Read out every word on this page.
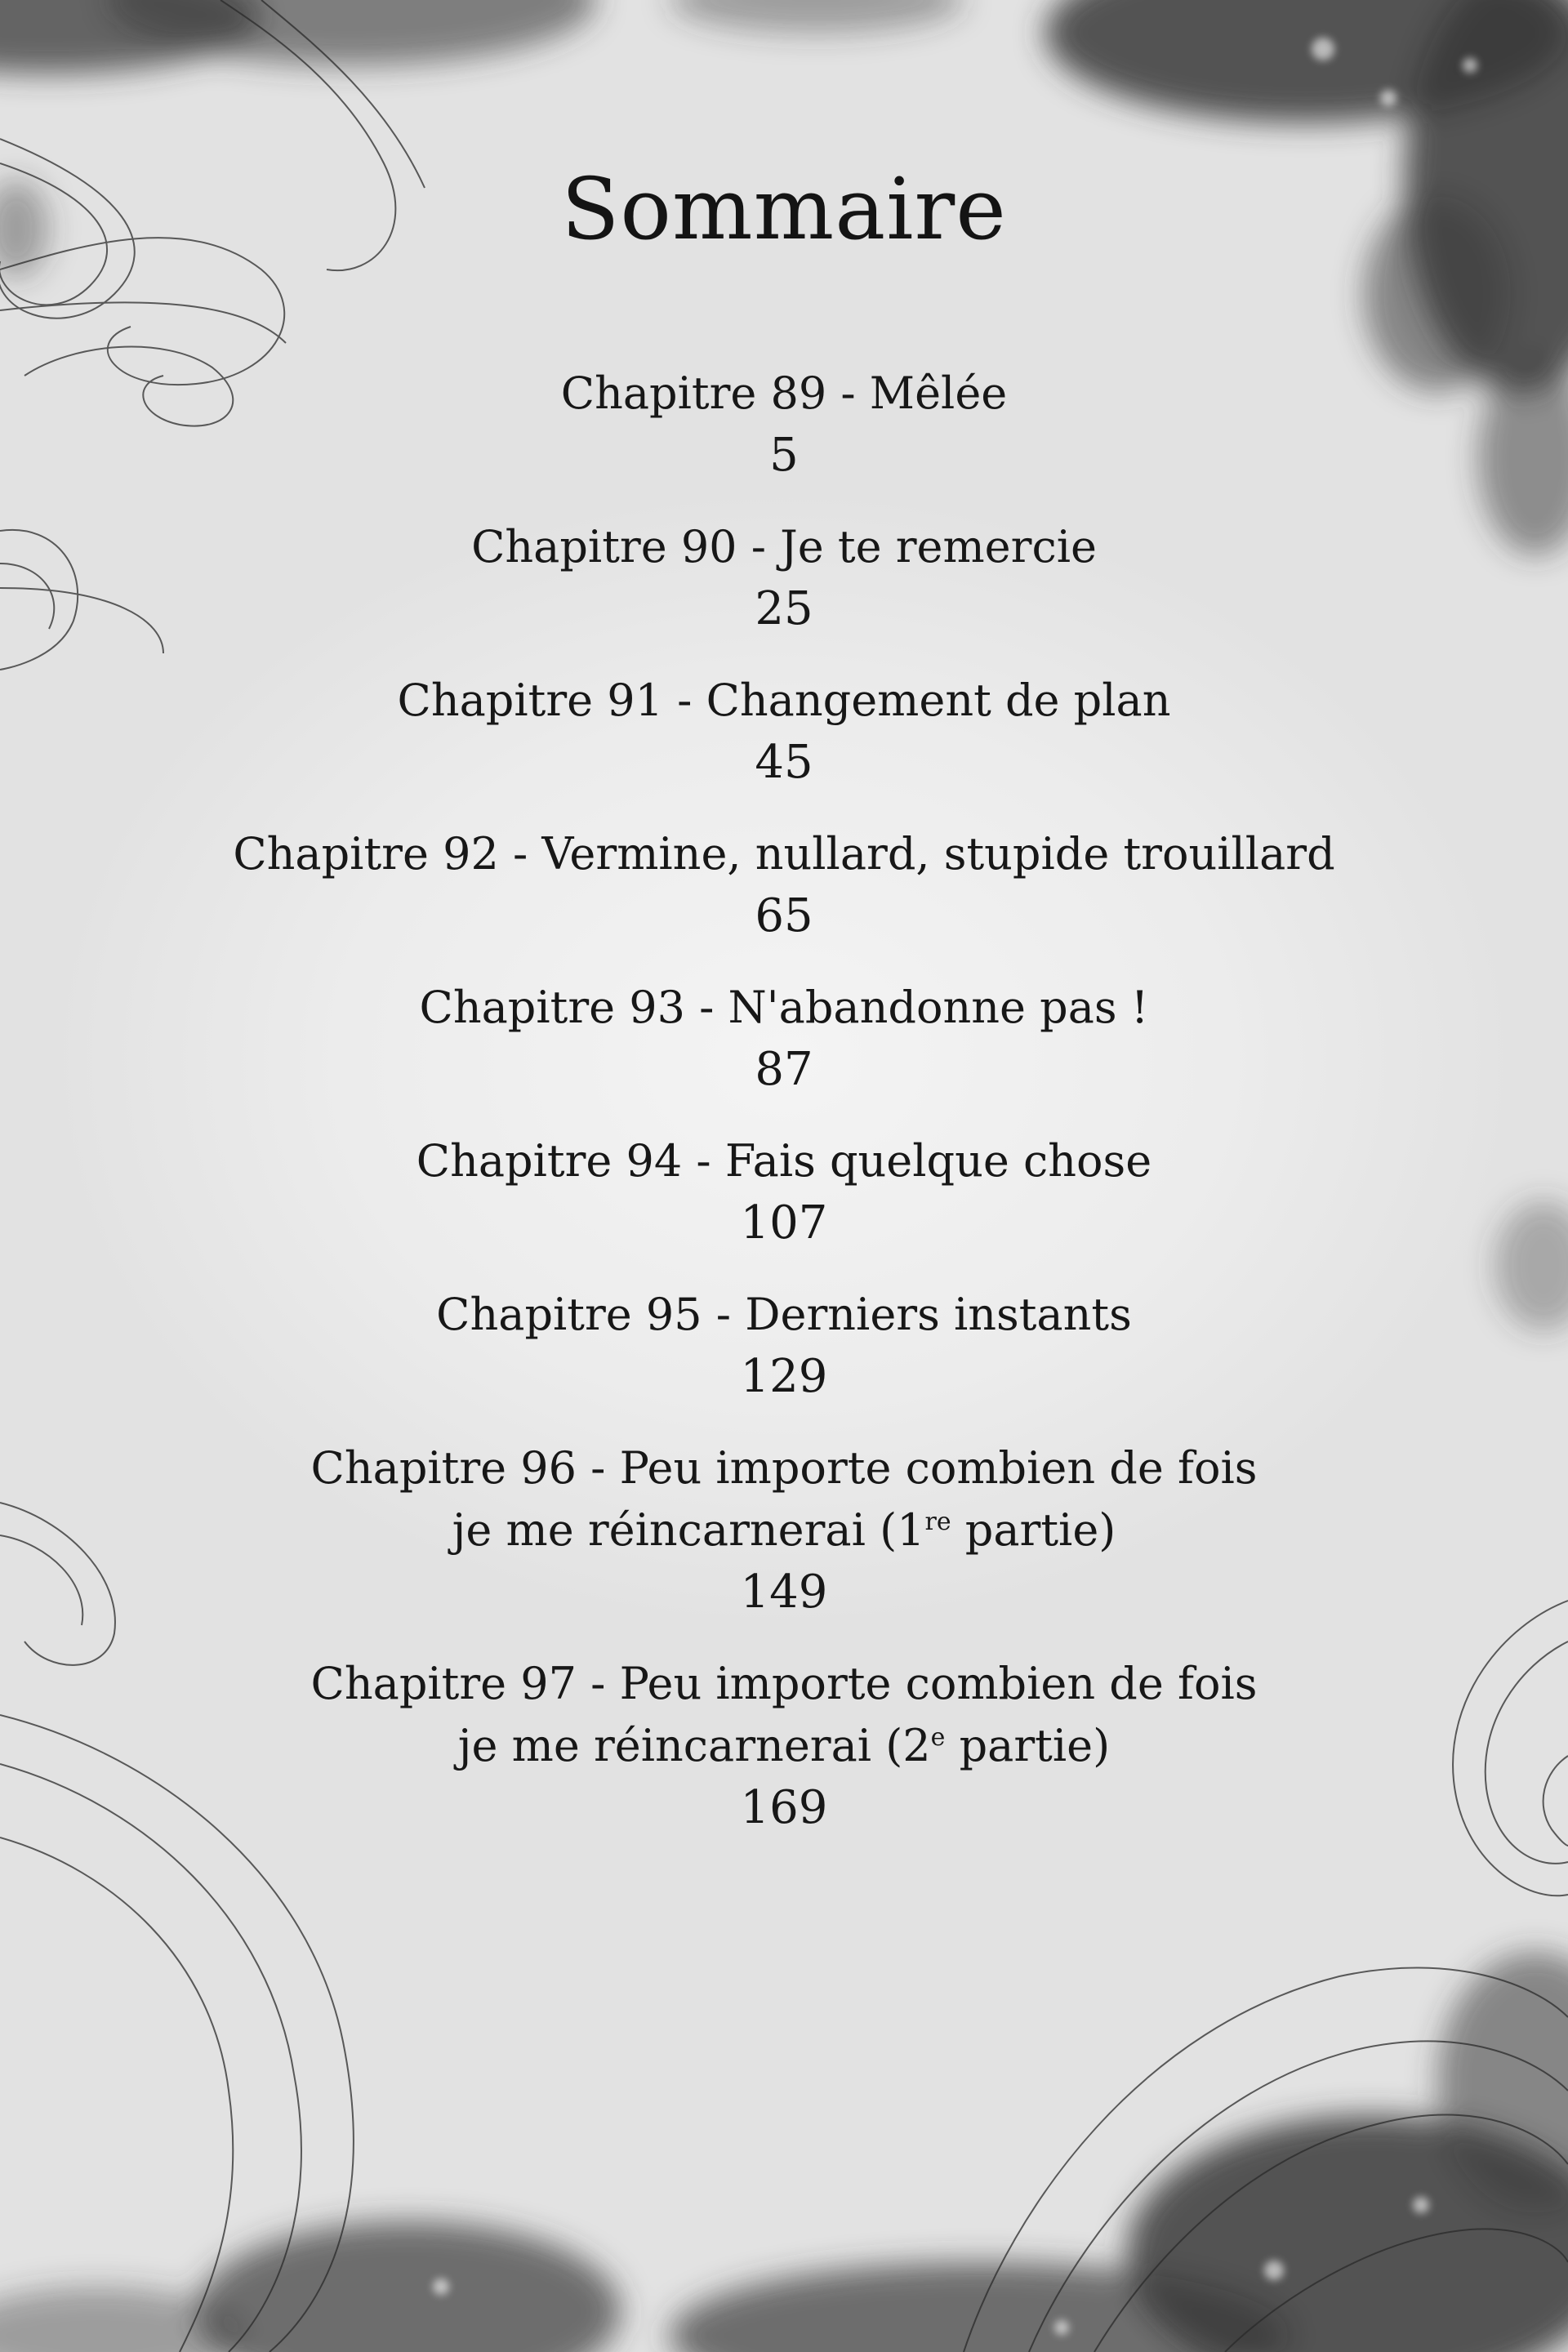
Sommaire
Chapitre 89 - Mêlée
5
Chapitre 90 - Je te remercie
25
Chapitre 91 - Changement de plan
45
Chapitre 92 - Vermine, nullard, stupide trouillard
65
Chapitre 93 - N'abandonne pas !
87
Chapitre 94 - Fais quelque chose
107
Chapitre 95 - Derniers instants
129
Chapitre 96 - Peu importe combien de fois
je me réincarnerai (1re partie)
149
Chapitre 97 - Peu importe combien de fois
je me réincarnerai (2e partie)
169
